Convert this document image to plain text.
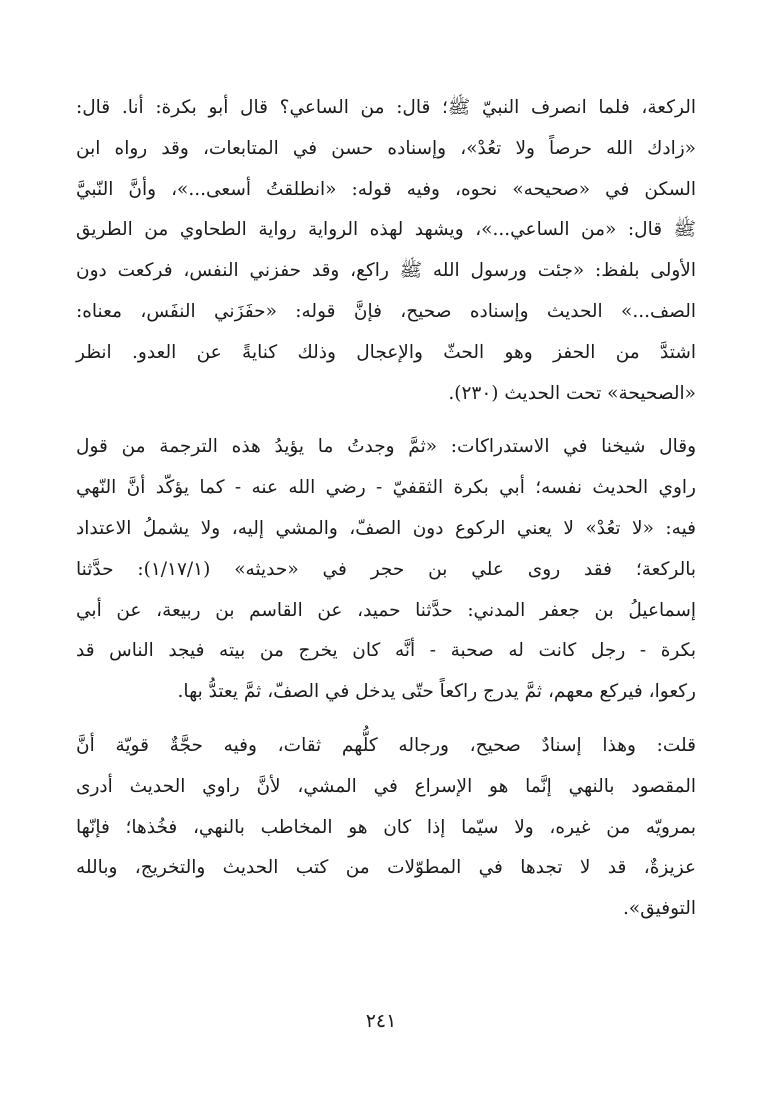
الركعة، فلما انصرف النبيّ ﷺ؛ قال: من الساعي؟ قال أبو بكرة: أنا. قال:
«زادك الله حرصاً ولا تعُدْ»، وإسناده حسن في المتابعات، وقد رواه ابن
السكن في «صحيحه» نحوه، وفيه قوله: «انطلقتُ أسعى...»، وأنَّ النّبيَّ
ﷺ قال: «من الساعي...»، ويشهد لهذه الرواية رواية الطحاوي من الطريق
الأولى بلفظ: «جئت ورسول الله ﷺ راكع، وقد حفزني النفس، فركعت دون
الصف...» الحديث وإسناده صحيح، فإنَّ قوله: «حفَزَني النفَس، معناه:
اشتدَّ من الحفز وهو الحثّ والإعجال وذلك كنايةً عن العدو. انظر
«الصحيحة» تحت الحديث (٢٣٠).
وقال شيخنا في الاستدراكات: «ثمَّ وجدتُ ما يؤيدُ هذه الترجمة من قول
راوي الحديث نفسه؛ أبي بكرة الثقفيّ - رضي الله عنه - كما يؤكّد أنَّ النّهي
فيه: «لا تعُدْ» لا يعني الركوع دون الصفّ، والمشي إليه، ولا يشملُ الاعتداد
بالركعة؛ فقد روى علي بن حجر في «حديثه» (١/١٧/١): حدَّثنا
إسماعيلُ بن جعفر المدني: حدَّثنا حميد، عن القاسم بن ربيعة، عن أبي
بكرة - رجل كانت له صحبة - أنَّه كان يخرج من بيته فيجد الناس قد
ركعوا، فيركع معهم، ثمَّ يدرج راكعاً حتّى يدخل في الصفّ، ثمَّ يعتدُّ بها.
قلت: وهذا إسنادٌ صحيح، ورجاله كلُّهم ثقات، وفيه حجَّةٌ قويّة أنَّ
المقصود بالنهي إنَّما هو الإسراع في المشي، لأنَّ راوي الحديث أدرى
بمرويّه من غيره، ولا سيّما إذا كان هو المخاطب بالنهي، فخُذها؛ فإنّها
عزيزةٌ، قد لا تجدها في المطوّلات من كتب الحديث والتخريج، وبالله
التوفيق».
٢٤١
